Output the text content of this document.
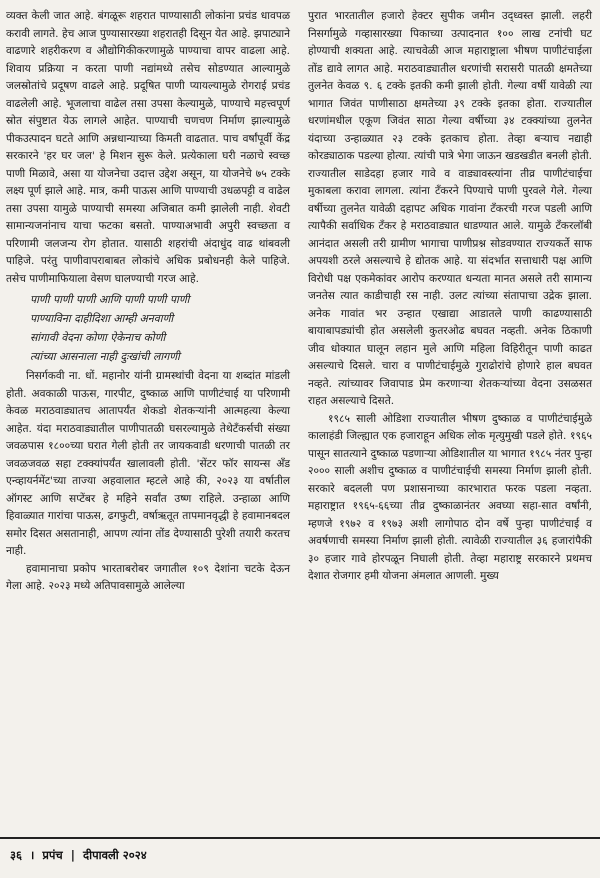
व्यक्त केली जात आहे. बंगळूरू शहरात पाण्यासाठी लोकांना प्रचंड धावपळ करावी लागते. हेच आज पुण्यासारख्या शहरातही दिसून येत आहे. झपाट्याने वाढणारे शहरीकरण व औद्योगिकीकरणामुळे पाण्याचा वापर वाढला आहे. शिवाय प्रक्रिया न करता पाणी नद्यांमध्ये तसेच सोडण्यात आल्यामुळे जलस्रोतांचे प्रदूषण वाढले आहे. प्रदूषित पाणी प्यायल्यामुळे रोगराई प्रचंड वाढलेली आहे. भूजलाचा वाढेल तसा उपसा केल्यामुळे, पाण्याचे महत्त्वपूर्ण स्रोत संपुष्टात येऊ लागले आहेत. पाण्याची चणचण निर्माण झाल्यामुळे पीकउत्पादन घटते आणि अन्नधान्याच्या किमती वाढतात. पाच वर्षांपूर्वी केंद्र सरकारने 'हर घर जल' हे मिशन सुरू केले. प्रत्येकाला घरी नळाचे स्वच्छ पाणी मिळावे, असा या योजनेचा उदात्त उद्देश असून, या योजनेचे ७५ टक्के लक्ष्य पूर्ण झाले आहे. मात्र, कमी पाऊस आणि पाण्याची उधळपट्टी व वाढेल तसा उपसा यामुळे पाण्याची समस्या अजिबात कमी झालेली नाही. शेवटी सामान्यजनांनाच याचा फटका बसतो. पाण्याअभावी अपुरी स्वच्छता व परिणामी जलजन्य रोग होतात. यासाठी शहरांची अंदाधुंद वाढ थांबवली पाहिजे. परंतु पाणीवापराबाबत लोकांचे अधिक प्रबोधनही केले पाहिजे. तसेच पाणीमाफियाला वेसण घालण्याची गरज आहे.

पाणी पाणी पाणी आणि पाणी पाणी पाणी
पाण्याविना दाहीदिशा आम्ही अनवाणी
सांगावी वेदना कोणा ऐकेनाच कोणी
त्यांच्या आसनाला नाही दुःखांची लागणी

निसर्गकवी ना. धों. महानोर यांनी ग्रामस्थांची वेदना या शब्दांत मांडली होती. अवकाळी पाऊस, गारपीट, दुष्काळ आणि पाणीटंचाई या परिणामी केवळ मराठवाड्यातच आतापर्यंत शेकडो शेतकऱ्यांनी आत्महत्या केल्या आहेत. यंदा मराठवाड्यातील पाणीपातळी घसरल्यामुळे तेथेटँकर्सची संख्या जवळपास १८००च्या घरात गेली होती तर जायकवाडी धरणाची पातळी तर जवळजवळ सहा टक्क्यांपर्यंत खालावली होती. 'सेंटर फॉर सायन्स अँड एन्व्हायर्नमेंट'च्या ताज्या अहवालात म्हटले आहे की, २०२३ या वर्षातील ऑगस्ट आणि सप्टेंबर हे महिने सर्वांत उष्ण राहिले. उन्हाळा आणि हिवाळ्यात गारांचा पाऊस, ढगफुटी, वर्षाऋतूत तापमानवृद्धी हे हवामानबदल समोर दिसत असतानाही, आपण त्यांना तोंड देण्यासाठी पुरेशी तयारी करतच नाही.

हवामानाचा प्रकोप भारताबरोबर जगातील १०९ देशांना चटके देऊन गेला आहे. २०२३ मध्ये अतिपावसामुळे आलेल्या

पुरात भारतातील हजारो हेक्टर सुपीक जमीन उद्ध्वस्त झाली. लहरी निसर्गामुळे गव्हासारख्या पिकाच्या उत्पादनात १०० लाख टनांची घट होण्याची शक्यता आहे. त्याचवेळी आज महाराष्ट्राला भीषण पाणीटंचाईला तोंड द्यावे लागत आहे. मराठवाड्यातील धरणांची सरासरी पातळी क्षमतेच्या तुलनेत केवळ ९. ६ टक्के इतकी कमी झाली होती. गेल्या वर्षी यावेळी त्या भागात जिवंत पाणीसाठा क्षमतेच्या ३९ टक्के इतका होता. राज्यातील धरणांमधील एकूण जिवंत साठा गेल्या वर्षीच्या ३४ टक्क्यांच्या तुलनेत यंदाच्या उन्हाळ्यात २३ टक्के इतकाच होता. तेव्हा बऱ्याच नद्याही कोरड्याठाक पडल्या होत्या. त्यांची पात्रे भेगा जाऊन खडखडीत बनली होती. राज्यातील साडेदहा हजार गावे व वाड्यावस्त्यांना तीव्र पाणीटंचाईचा मुकाबला करावा लागला. त्यांना टँकरने पिण्याचे पाणी पुरवले गेले. गेल्या वर्षीच्या तुलनेत यावेळी दहापट अधिक गावांना टँकरची गरज पडली आणि त्यापैकी सर्वाधिक टँकर हे मराठवाड्यात धाडण्यात आले. यामुळे टँकरलॉबी आनंदात असली तरी ग्रामीण भागाचा पाणीप्रश्न सोडवण्यात राज्यकर्ते साफ अपयशी ठरले असल्याचे हे द्योतक आहे. या संदर्भात सत्ताधारी पक्ष आणि विरोधी पक्ष एकमेकांवर आरोप करण्यात धन्यता मानत असले तरी सामान्य जनतेस त्यात काडीचाही रस नाही. उलट त्यांच्या संतापाचा उद्रेक झाला. अनेक गावांत भर उन्हात एखाद्या आडातले पाणी काढण्यासाठी बायाबापड्यांची होत असलेली कुतरओढ बघवत नव्हती. अनेक ठिकाणी जीव धोक्यात घालून लहान मुले आणि महिला विहिरीतून पाणी काढत असल्याचे दिसले. चारा व पाणीटंचाईमुळे गुराढोरांचे होणारे हाल बघवत नव्हते. त्यांच्यावर जिवापाड प्रेम करणाऱ्या शेतकऱ्यांच्या वेदना उसळसत राहत असल्याचे दिसते.

१९८५ साली ओडिशा राज्यातील भीषण दुष्काळ व पाणीटंचाईमुळे कालाहंडी जिल्ह्यात एक हजाराहून अधिक लोक मृत्युमुखी पडले होते. १९६५ पासून सातत्याने दुष्काळ पडणाऱ्या ओडिशातील या भागात १९८५ नंतर पुन्हा २००० साली अशीच दुष्काळ व पाणीटंचाईची समस्या निर्माण झाली होती. सरकारे बदलली पण प्रशासनाच्या कारभारात फरक पडला नव्हता. महाराष्ट्रात १९६५-६६च्या तीव्र दुष्काळानंतर अवघ्या सहा-सात वर्षांनी, म्हणजे १९७२ व १९७३ अशी लागोपाठ दोन वर्षे पुन्हा पाणीटंचाई व अवर्षणाची समस्या निर्माण झाली होती. त्यावेळी राज्यातील ३६ हजारांपैकी ३० हजार गावे होरपळून निघाली होती. तेव्हा महाराष्ट्र सरकारने प्रथमच देशात रोजगार हमी योजना अंमलात आणली. मुख्य

३६ । प्रपंच | दीपावली २०२४
